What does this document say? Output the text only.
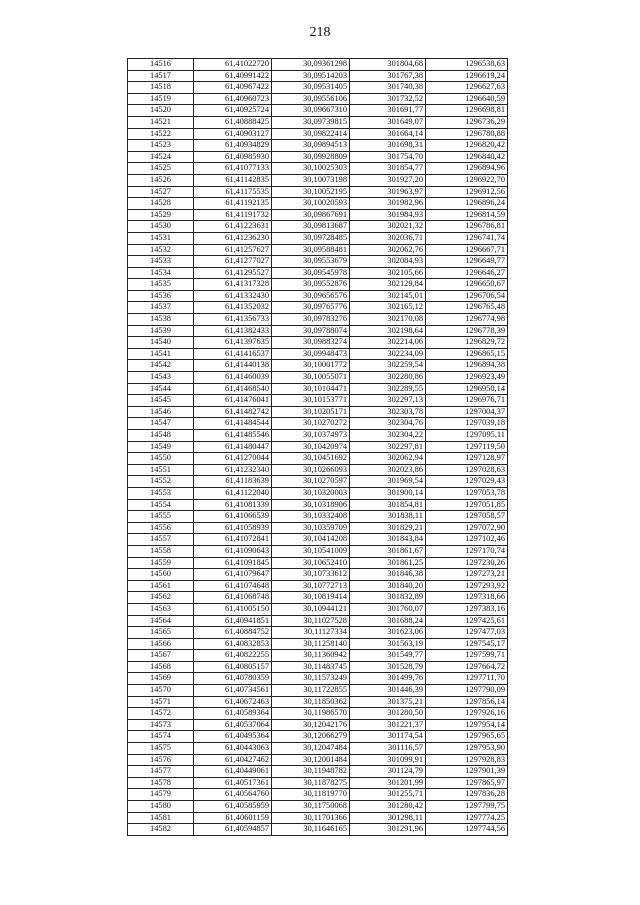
218
14516	61,41022720	30,09361298	301804,68	1296538,63
14517	61,40991422	30,09514203	301767,38	1296619,24
14518	61,40967422	30,09531405	301740,38	1296627,63
14519	61,40960723	30,09556106	301732,52	1296640,59
14520	61,40925724	30,09667310	301691,77	1296698,81
14521	61,40888425	30,09739815	301649,07	1296736,29
14522	61,40903127	30,09822414	301664,14	1296780,88
14523	61,40934829	30,09894513	301698,31	1296820,42
14524	61,40985930	30,09928809	301754,70	1296840,42
14525	61,41077133	30,10025303	301854,77	1296894,96
14526	61,41142835	30,10073198	301927,20	1296922,70
14527	61,41175535	30,10052195	301963,97	1296912,56
14528	61,41192135	30,10020593	301982,96	1296896,24
14529	61,41191732	30,09867691	301984,93	1296814,59
14530	61,41223631	30,09813687	302021,32	1296786,81
14531	61,41236230	30,09728485	302036,71	1296741,74
14532	61,41257627	30,09588481	302062,76	1296667,71
14533	61,41277027	30,09553679	302084,93	1296649,77
14534	61,41295527	30,09545978	302105,66	1296646,27
14535	61,41317328	30,09552876	302129,84	1296650,67
14536	61,41332430	30,09656576	302145,01	1296706,54
14537	61,41352032	30,09765776	302165,12	1296765,48
14538	61,41356733	30,09783276	302170,08	1296774,98
14539	61,41382433	30,09788074	302198,64	1296778,39
14540	61,41397635	30,09883274	302214,06	1296829,72
14541	61,41416537	30,09948473	302234,09	1296865,15
14542	61,41440138	30,10001772	302259,54	1296894,38
14543	61,41460039	30,10055071	302280,86	1296923,49
14544	61,41468540	30,10104471	302289,55	1296950,14
14545	61,41476041	30,10153771	302297,13	1296976,71
14546	61,41482742	30,10205171	302303,78	1297004,37
14547	61,41484544	30,10270272	302304,76	1297039,18
14548	61,41485546	30,10374973	302304,22	1297095,11
14549	61,41480447	30,10420974	302297,81	1297119,50
14550	61,41270044	30,10451692	302062,94	1297128,97
14551	61,41232340	30,10266093	302023,86	1297028,63
14552	61,41183639	30,10270597	301969,54	1297029,43
14553	61,41122040	30,10320003	301900,14	1297053,78
14554	61,41081339	30,10318906	301854,81	1297051,85
14555	61,41066539	30,10332408	301838,11	1297058,57
14556	61,41058939	30,10359709	301829,21	1297072,90
14557	61,41072841	30,10414208	301843,84	1297102,46
14558	61,41090643	30,10541009	301861,67	1297170,74
14559	61,41091845	30,10652410	301861,25	1297230,26
14560	61,41079647	30,10733612	301846,38	1297273,21
14561	61,41074648	30,10772713	301840,20	1297293,92
14562	61,41068748	30,10819414	301832,89	1297318,66
14563	61,41005150	30,10944121	301760,07	1297383,16
14564	61,40941851	30,11027528	301688,24	1297425,61
14565	61,40884752	30,11127334	301623,06	1297477,03
14566	61,40832853	30,11258140	301563,19	1297545,17
14567	61,40822255	30,11360942	301549,77	1297599,71
14568	61,40805157	30,11483745	301528,79	1297664,72
14569	61,40780359	30,11573249	301499,76	1297711,70
14570	61,40734561	30,11722855	301446,39	1297790,09
14571	61,40672463	30,11850362	301375,21	1297856,14
14572	61,40589364	30,11986570	301280,50	1297926,16
14573	61,40537064	30,12042176	301221,37	1297954,14
14574	61,40495364	30,12066279	301174,54	1297965,65
14575	61,40443063	30,12047484	301116,57	1297953,90
14576	61,40427462	30,12001484	301099,91	1297928,83
14577	61,40449061	30,11948782	301124,79	1297901,39
14578	61,40517361	30,11878275	301201,99	1297865,97
14579	61,40564760	30,11819770	301255,71	1297836,28
14580	61,40585959	30,11750068	301280,42	1297799,75
14581	61,40601159	30,11701366	301298,11	1297774,25
14582	61,40594857	30,11646165	301291,96	1297744,56
